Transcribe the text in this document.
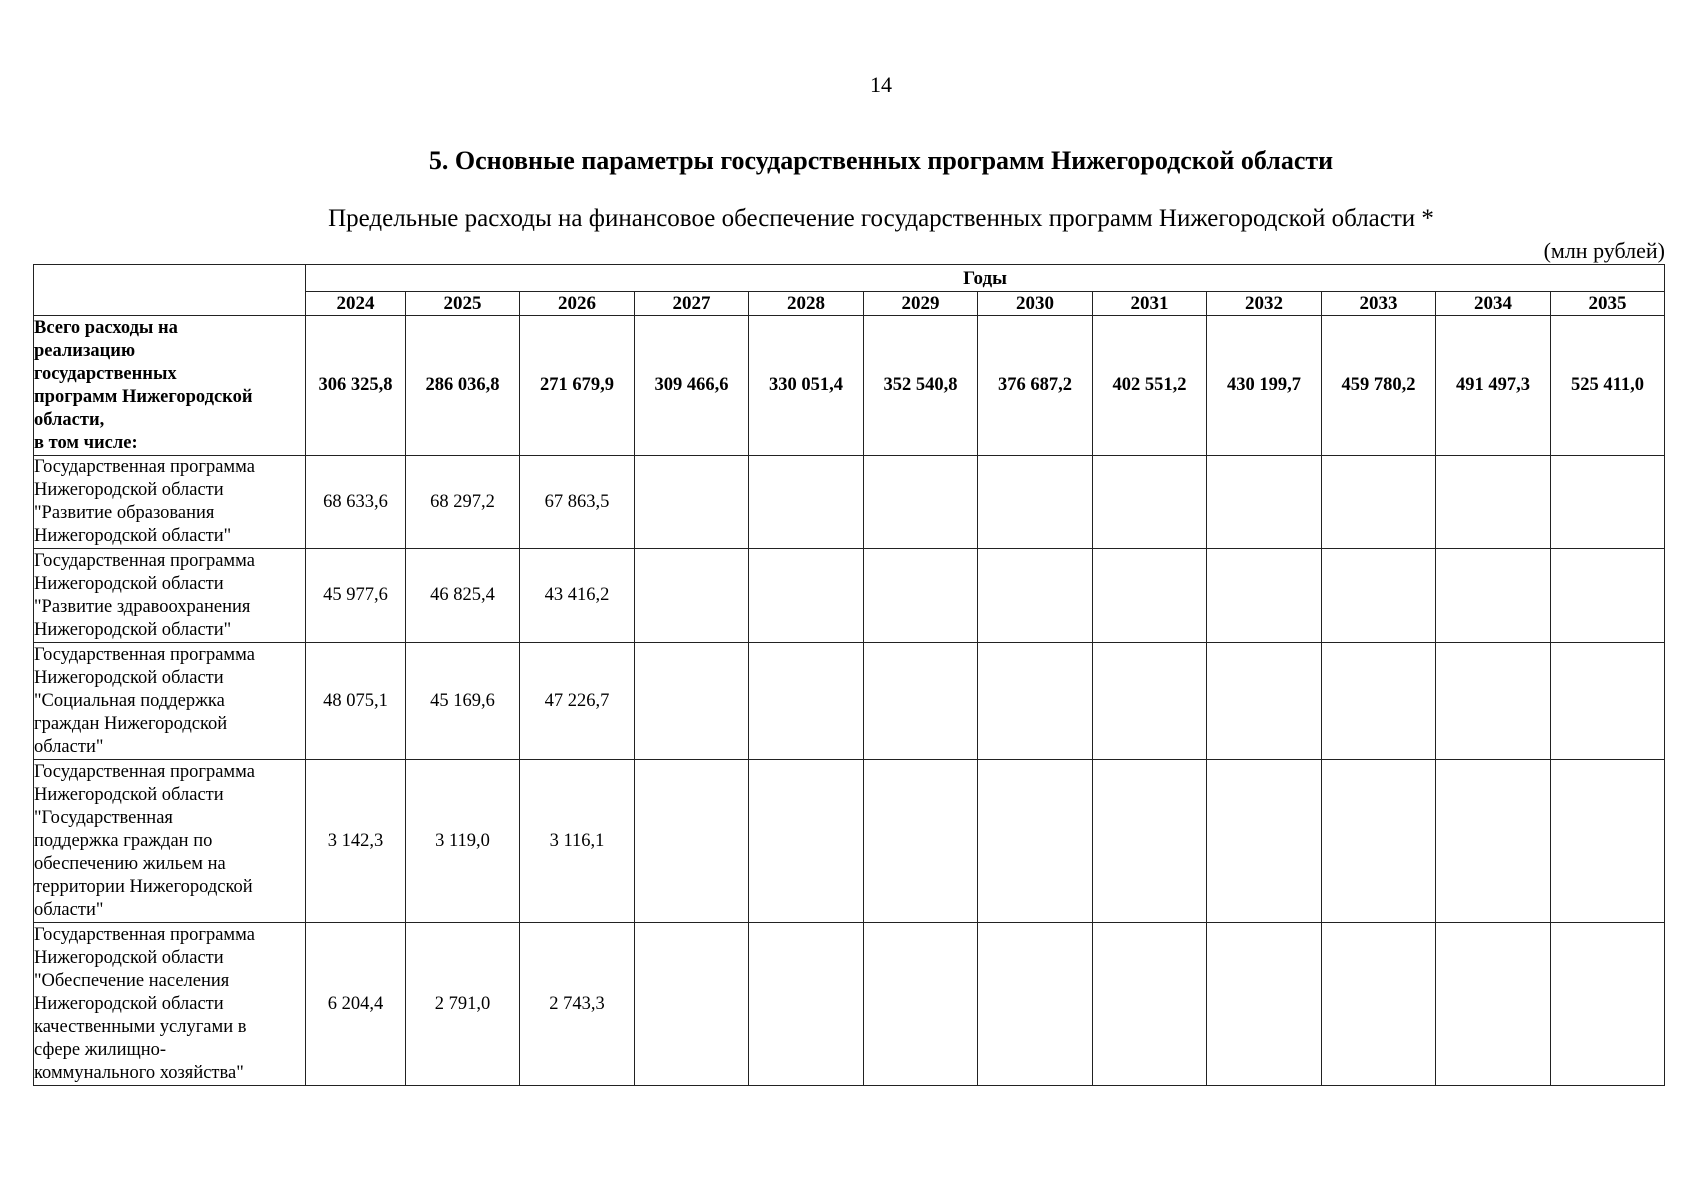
14
5. Основные параметры государственных программ Нижегородской области
Предельные расходы на финансовое обеспечение государственных программ Нижегородской области *
(млн рублей)
	Годы											
	2024	2025	2026	2027	2028	2029	2030	2031	2032	2033	2034	2035

Всего расходы на
реализацию
государственных
программ Нижегородской
области,
в том числе:
	306 325,8	286 036,8	271 679,9	309 466,6	330 051,4	352 540,8	376 687,2	402 551,2	430 199,7	459 780,2	491 497,3	525 411,0

Государственная программа
Нижегородской области
"Развитие образования
Нижегородской области"	68 633,6	68 297,2	67 863,5									

Государственная программа
Нижегородской области
"Развитие здравоохранения
Нижегородской области"	45 977,6	46 825,4	43 416,2									

Государственная программа
Нижегородской области
"Социальная поддержка
граждан Нижегородской
области"	48 075,1	45 169,6	47 226,7									

Государственная программа
Нижегородской области
"Государственная
поддержка граждан по
обеспечению жильем на
территории Нижегородской
области"
	3 142,3	3 119,0	3 116,1									

Государственная программа
Нижегородской области
"Обеспечение населения
Нижегородской области
качественными услугами в
сфере жилищно-
коммунального хозяйства"
	6 204,4	2 791,0	2 743,3									
